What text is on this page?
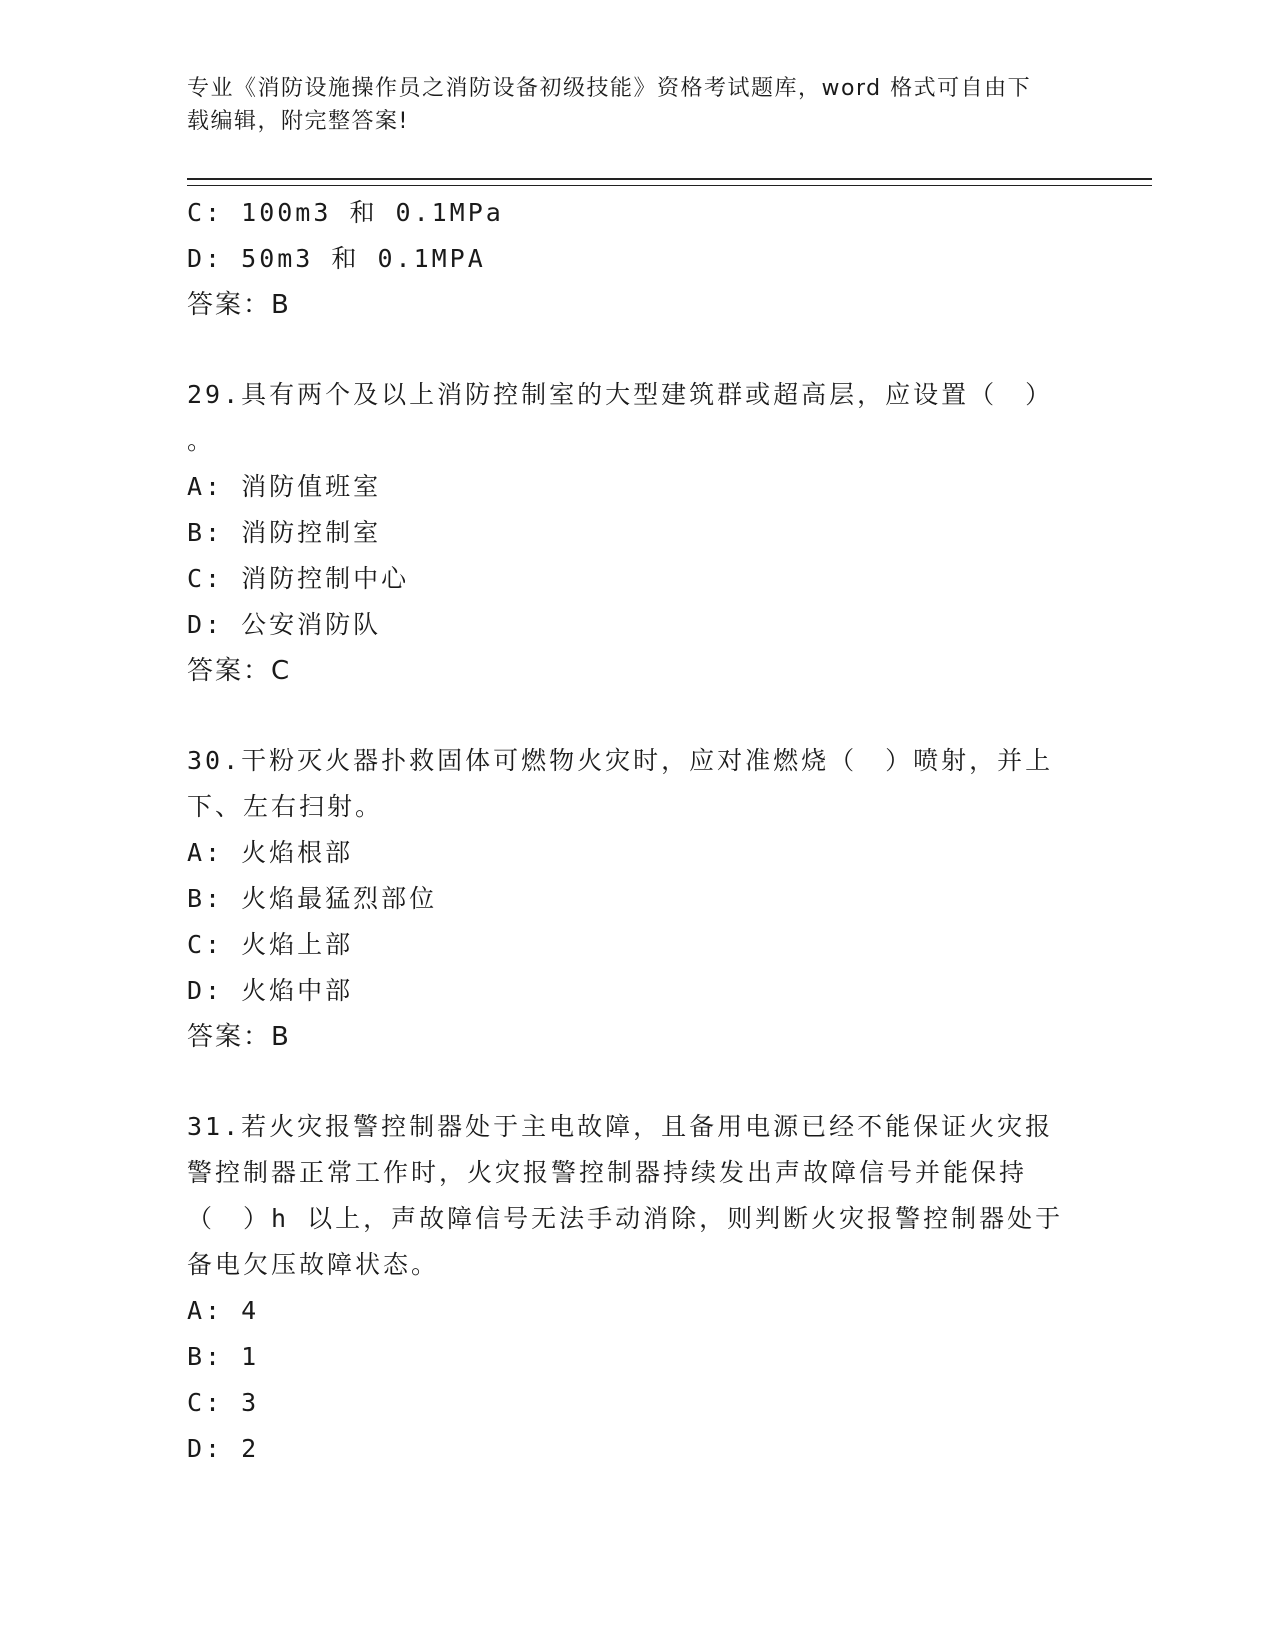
专业《消防设施操作员之消防设备初级技能》资格考试题库，word 格式可自由下
载编辑，附完整答案!
C: 100m3 和 0.1MPa
D: 50m3 和 0.1MPA
答案：B
29.具有两个及以上消防控制室的大型建筑群或超高层，应设置（　）
。
A: 消防值班室
B: 消防控制室
C: 消防控制中心
D: 公安消防队
答案：C
30.干粉灭火器扑救固体可燃物火灾时，应对准燃烧（　）喷射，并上
下、左右扫射。
A: 火焰根部
B: 火焰最猛烈部位
C: 火焰上部
D: 火焰中部
答案：B
31.若火灾报警控制器处于主电故障，且备用电源已经不能保证火灾报
警控制器正常工作时，火灾报警控制器持续发出声故障信号并能保持
（　）h 以上，声故障信号无法手动消除，则判断火灾报警控制器处于
备电欠压故障状态。
A: 4
B: 1
C: 3
D: 2
